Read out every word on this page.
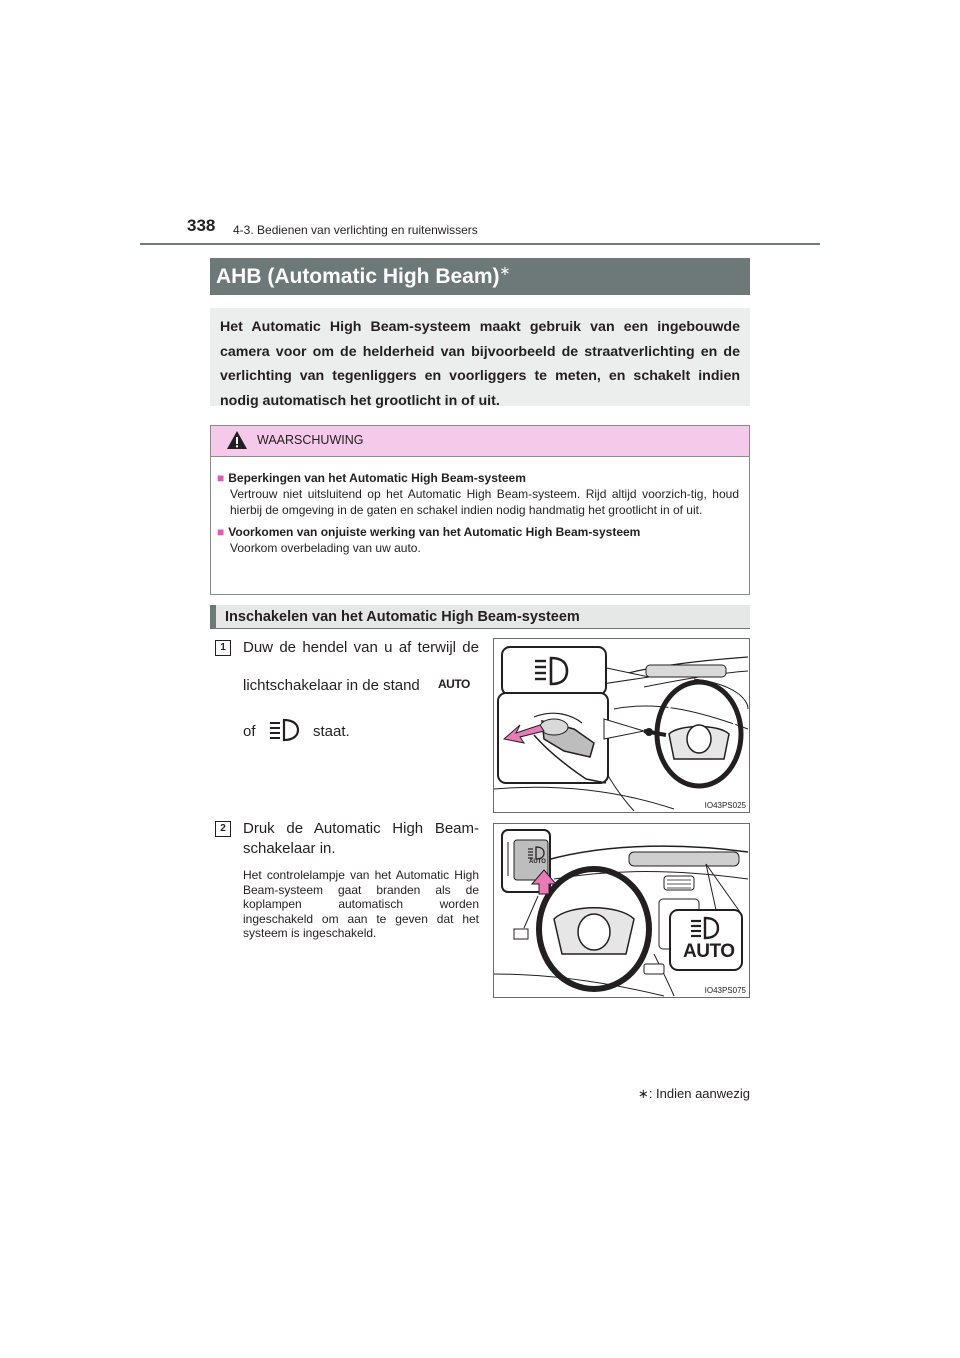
338 4-3. Bedienen van verlichting en ruitenwissers
AHB (Automatic High Beam)∗
Het Automatic High Beam-systeem maakt gebruik van een ingebouwde camera voor om de helderheid van bijvoorbeeld de straatverlichting en de verlichting van tegenliggers en voorliggers te meten, en schakelt indien nodig automatisch het grootlicht in of uit.
WAARSCHUWING
■ Beperkingen van het Automatic High Beam-systeem
Vertrouw niet uitsluitend op het Automatic High Beam-systeem. Rijd altijd voorzich-tig, houd hierbij de omgeving in de gaten en schakel indien nodig handmatig het grootlicht in of uit.
■ Voorkomen van onjuiste werking van het Automatic High Beam-systeem
Voorkom overbelading van uw auto.
Inschakelen van het Automatic High Beam-systeem
1	Duw de hendel van u af terwijl de
lichtschakelaar in de stand AUTO
of	staat.
IO43PS025
2	Druk de Automatic High Beam-
schakelaar in.
Het controlelampje van het Automatic High Beam-systeem gaat branden als de koplampen automatisch worden ingeschakeld om aan te geven dat het systeem is ingeschakeld.
AUTO
AUTO
IO43PS075
∗: Indien aanwezig
